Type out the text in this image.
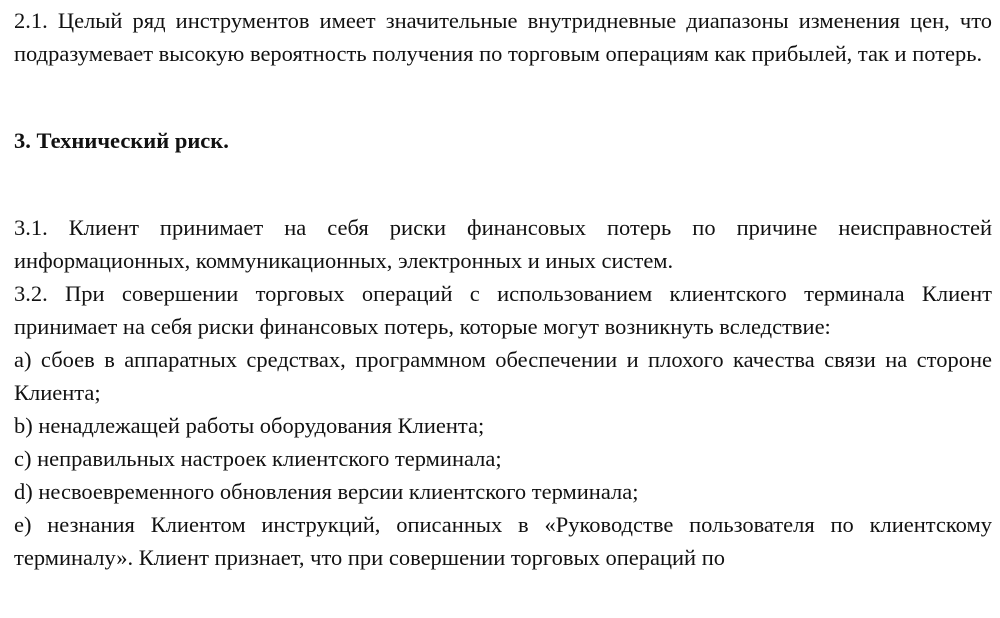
2.1. Целый ряд инструментов имеет значительные внутридневные диапазоны изменения цен, что подразумевает высокую вероятность получения по торговым операциям как прибылей, так и потерь.

3. Технический риск.

3.1. Клиент принимает на себя риски финансовых потерь по причине неисправностей информационных, коммуникационных, электронных и иных систем.

3.2. При совершении торговых операций с использованием клиентского терминала Клиент принимает на себя риски финансовых потерь, которые могут возникнуть вследствие:

a) сбоев в аппаратных средствах, программном обеспечении и плохого качества связи на стороне Клиента;

b) ненадлежащей работы оборудования Клиента;

c) неправильных настроек клиентского терминала;

d) несвоевременного обновления версии клиентского терминала;

e) незнания Клиентом инструкций, описанных в «Руководстве пользователя по клиентскому терминалу». Клиент признает, что при совершении торговых операций по
